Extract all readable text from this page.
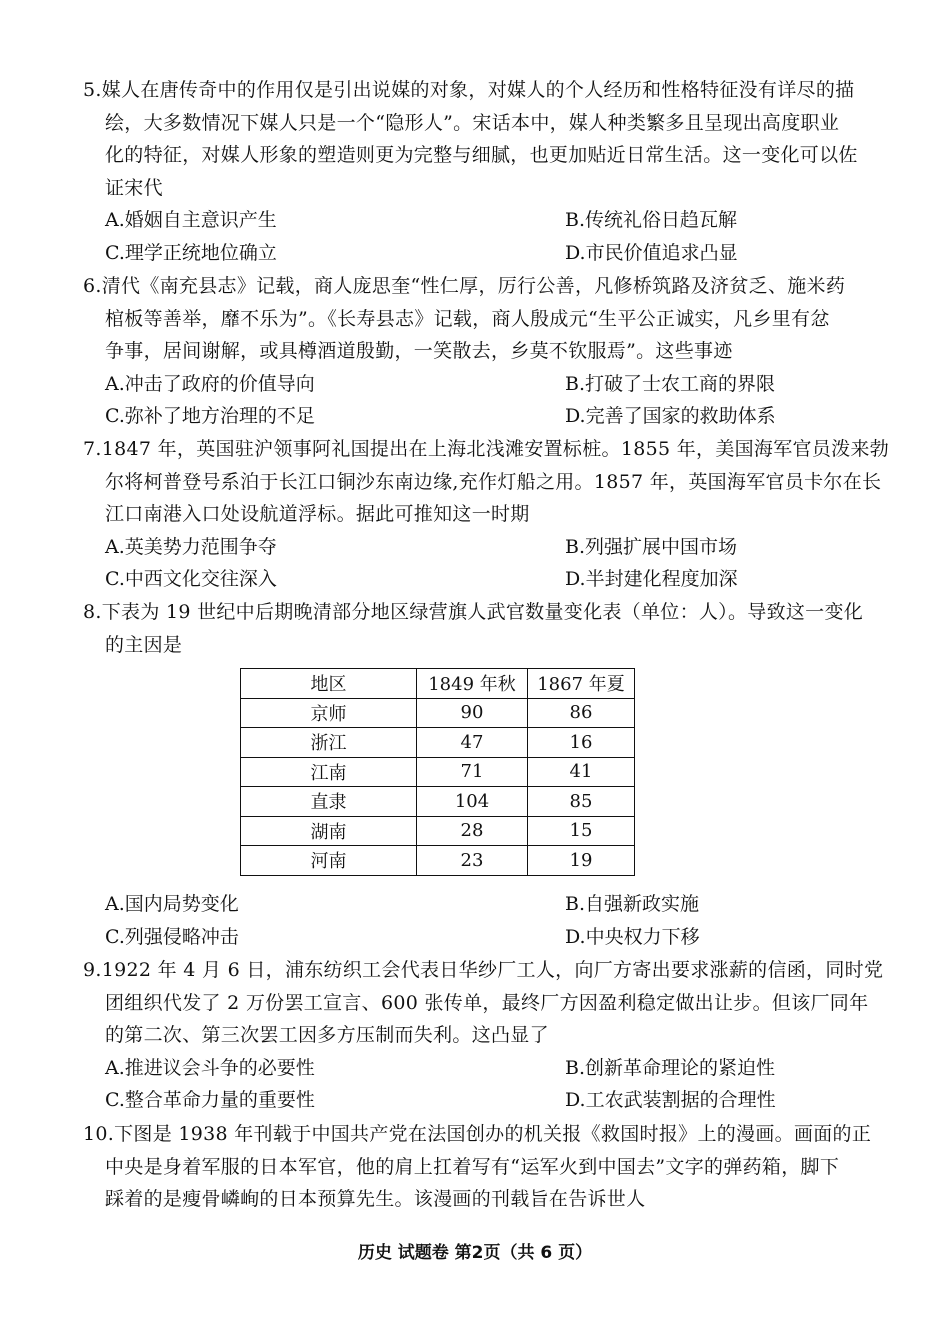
5.媒人在唐传奇中的作用仅是引出说媒的对象，对媒人的个人经历和性格特征没有详尽的描
绘，大多数情况下媒人只是一个“隐形人”。宋话本中，媒人种类繁多且呈现出高度职业
化的特征，对媒人形象的塑造则更为完整与细腻，也更加贴近日常生活。这一变化可以佐
证宋代
A.婚姻自主意识产生	B.传统礼俗日趋瓦解
C.理学正统地位确立	D.市民价值追求凸显
6.清代《南充县志》记载，商人庞思奎“性仁厚，厉行公善，凡修桥筑路及济贫乏、施米药
棺板等善举，靡不乐为”。《长寿县志》记载，商人殷成元“生平公正诚实，凡乡里有忿
争事，居间谢解，或具樽酒道殷勤，一笑散去，乡莫不钦服焉”。这些事迹
A.冲击了政府的价值导向	B.打破了士农工商的界限
C.弥补了地方治理的不足	D.完善了国家的救助体系
7.1847 年，英国驻沪领事阿礼国提出在上海北浅滩安置标桩。1855 年，美国海军官员泼来勃
尔将柯普登号系泊于长江口铜沙东南边缘,充作灯船之用。1857 年，英国海军官员卡尔在长
江口南港入口处设航道浮标。据此可推知这一时期
A.英美势力范围争夺	B.列强扩展中国市场
C.中西文化交往深入	D.半封建化程度加深
8.下表为 19 世纪中后期晚清部分地区绿营旗人武官数量变化表（单位：人）。导致这一变化
的主因是
地区	1849 年秋	1867 年夏
京师	90	86
浙江	47	16
江南	71	41
直隶	104	85
湖南	28	15
河南	23	19
A.国内局势变化	B.自强新政实施
C.列强侵略冲击	D.中央权力下移
9.1922 年 4 月 6 日，浦东纺织工会代表日华纱厂工人，向厂方寄出要求涨薪的信函，同时党
团组织代发了 2 万份罢工宣言、600 张传单，最终厂方因盈利稳定做出让步。但该厂同年
的第二次、第三次罢工因多方压制而失利。这凸显了
A.推进议会斗争的必要性	B.创新革命理论的紧迫性
C.整合革命力量的重要性	D.工农武装割据的合理性
10.下图是 1938 年刊载于中国共产党在法国创办的机关报《救国时报》上的漫画。画面的正
中央是身着军服的日本军官，他的肩上扛着写有“运军火到中国去”文字的弹药箱，脚下
踩着的是瘦骨嶙峋的日本预算先生。该漫画的刊载旨在告诉世人
历史 试题卷 第2页（共 6 页）
